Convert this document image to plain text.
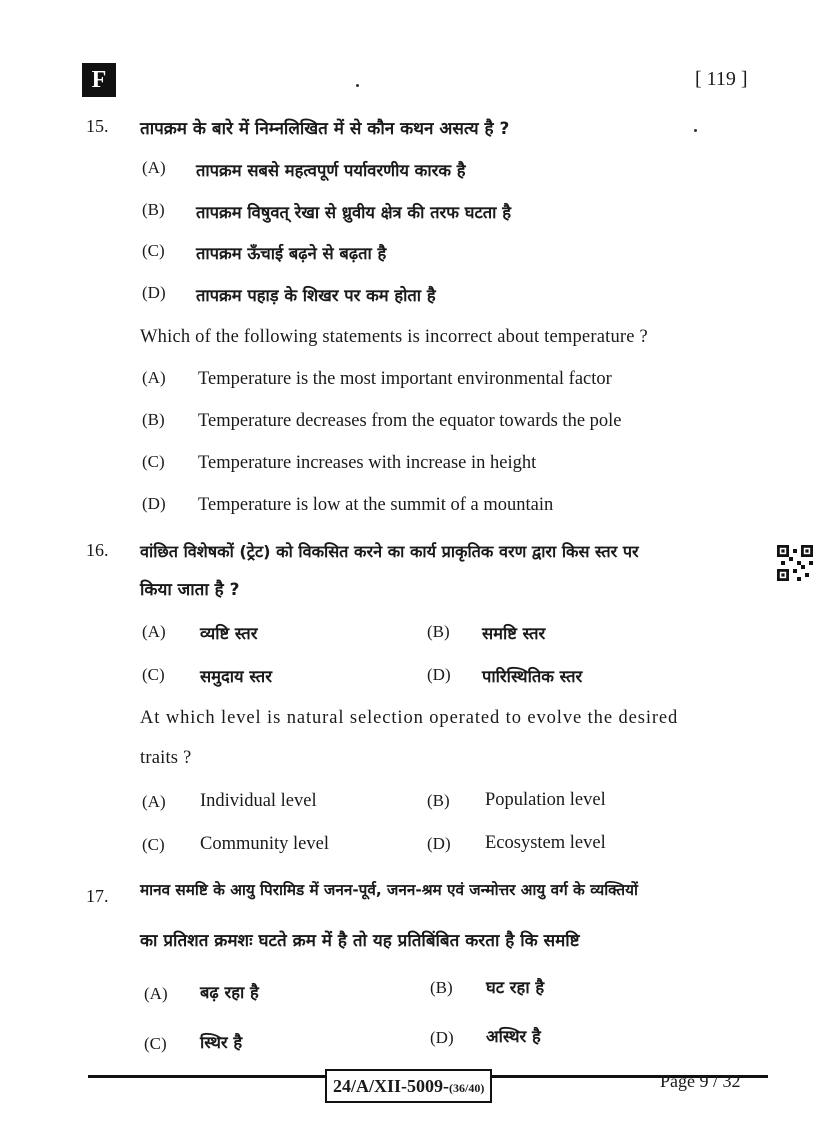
F	[ 119 ]
15. तापक्रम के बारे में निम्नलिखित में से कौन कथन असत्य है ?
(A) तापक्रम सबसे महत्वपूर्ण पर्यावरणीय कारक है
(B) तापक्रम विषुवत् रेखा से ध्रुवीय क्षेत्र की तरफ घटता है
(C) तापक्रम ऊँचाई बढ़ने से बढ़ता है
(D) तापक्रम पहाड़ के शिखर पर कम होता है
Which of the following statements is incorrect about temperature ?
(A) Temperature is the most important environmental factor
(B) Temperature decreases from the equator towards the pole
(C) Temperature increases with increase in height
(D) Temperature is low at the summit of a mountain
16. वांछित विशेषकों (ट्रेट) को विकसित करने का कार्य प्राकृतिक वरण द्वारा किस स्तर पर
किया जाता है ?
(A) व्यष्टि स्तर	(B) समष्टि स्तर
(C) समुदाय स्तर	(D) पारिस्थितिक स्तर
At which level is natural selection operated to evolve the desired
traits ?
(A) Individual level	(B) Population level
(C) Community level	(D) Ecosystem level
17. मानव समष्टि के आयु पिरामिड में जनन-पूर्व, जनन-श्रम एवं जन्मोत्तर आयु वर्ग के व्यक्तियों
का प्रतिशत क्रमशः घटते क्रम में है तो यह प्रतिबिंबित करता है कि समष्टि
(A) बढ़ रहा है	(B) घट रहा है
(C) स्थिर है	(D) अस्थिर है
24/A/XII-5009-(36/40)	Page 9 / 32
